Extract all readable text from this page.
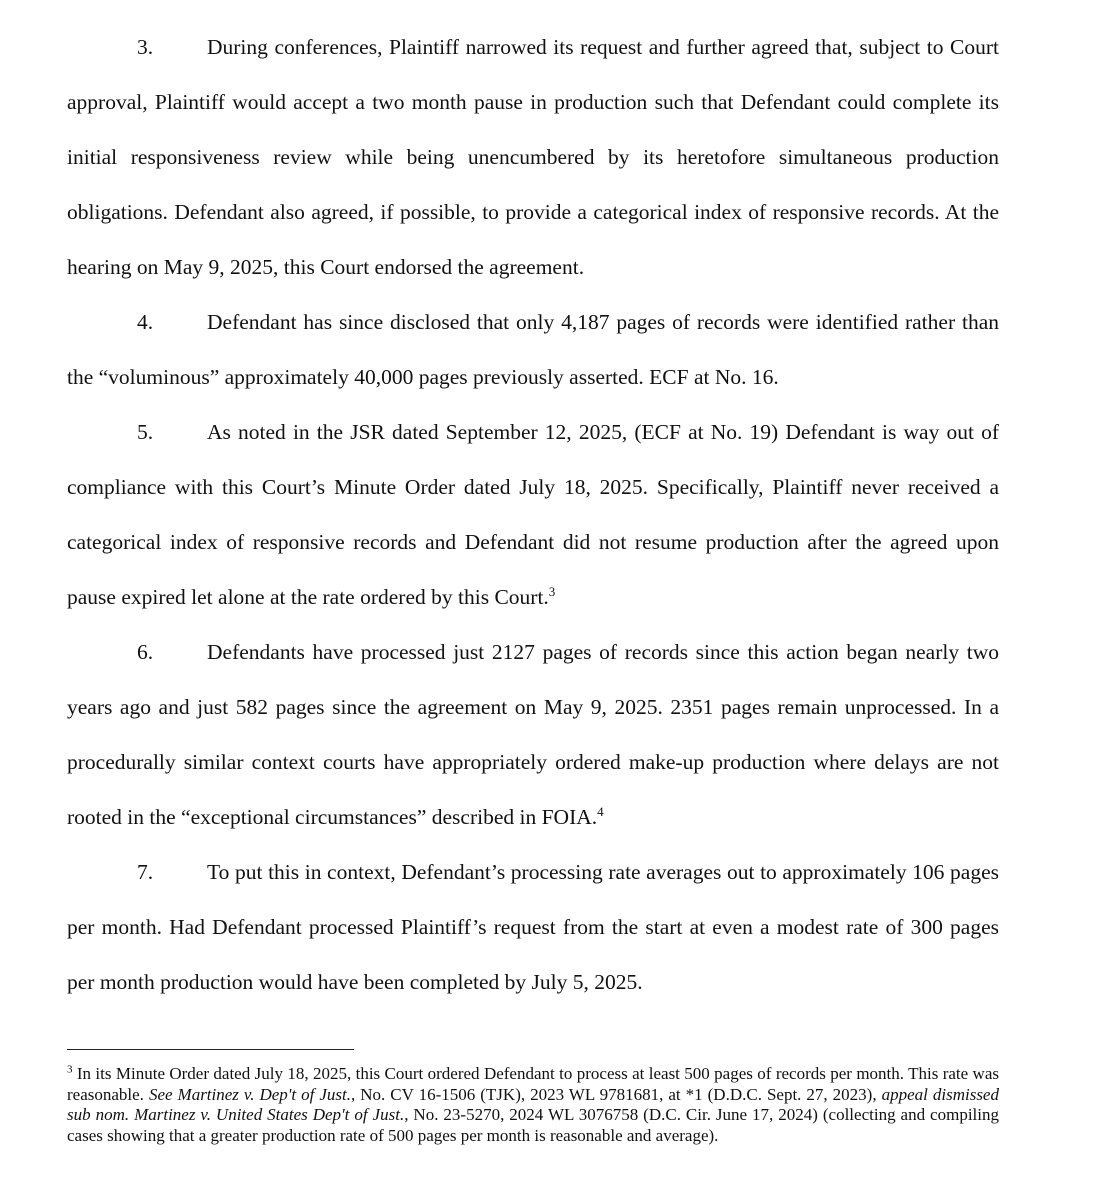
3.	During conferences, Plaintiff narrowed its request and further agreed that, subject to Court approval, Plaintiff would accept a two month pause in production such that Defendant could complete its initial responsiveness review while being unencumbered by its heretofore simultaneous production obligations. Defendant also agreed, if possible, to provide a categorical index of responsive records. At the hearing on May 9, 2025, this Court endorsed the agreement.

4.	Defendant has since disclosed that only 4,187 pages of records were identified rather than the “voluminous” approximately 40,000 pages previously asserted. ECF at No. 16.

5.	As noted in the JSR dated September 12, 2025, (ECF at No. 19) Defendant is way out of compliance with this Court’s Minute Order dated July 18, 2025. Specifically, Plaintiff never received a categorical index of responsive records and Defendant did not resume production after the agreed upon pause expired let alone at the rate ordered by this Court.$^3$

6.	Defendants have processed just 2127 pages of records since this action began nearly two years ago and just 582 pages since the agreement on May 9, 2025. 2351 pages remain unprocessed. In a procedurally similar context courts have appropriately ordered make-up production where delays are not rooted in the “exceptional circumstances” described in FOIA.$^4$

7.	To put this in context, Defendant’s processing rate averages out to approximately 106 pages per month. Had Defendant processed Plaintiff’s request from the start at even a modest rate of 300 pages per month production would have been completed by July 5, 2025.

$^3$ In its Minute Order dated July 18, 2025, this Court ordered Defendant to process at least 500 pages of records per month. This rate was reasonable. See Martinez v. Dep't of Just., No. CV 16-1506 (TJK), 2023 WL 9781681, at *1 (D.D.C. Sept. 27, 2023), appeal dismissed sub nom. Martinez v. United States Dep't of Just., No. 23-5270, 2024 WL 3076758 (D.C. Cir. June 17, 2024) (collecting and compiling cases showing that a greater production rate of 500 pages per month is reasonable and average).
